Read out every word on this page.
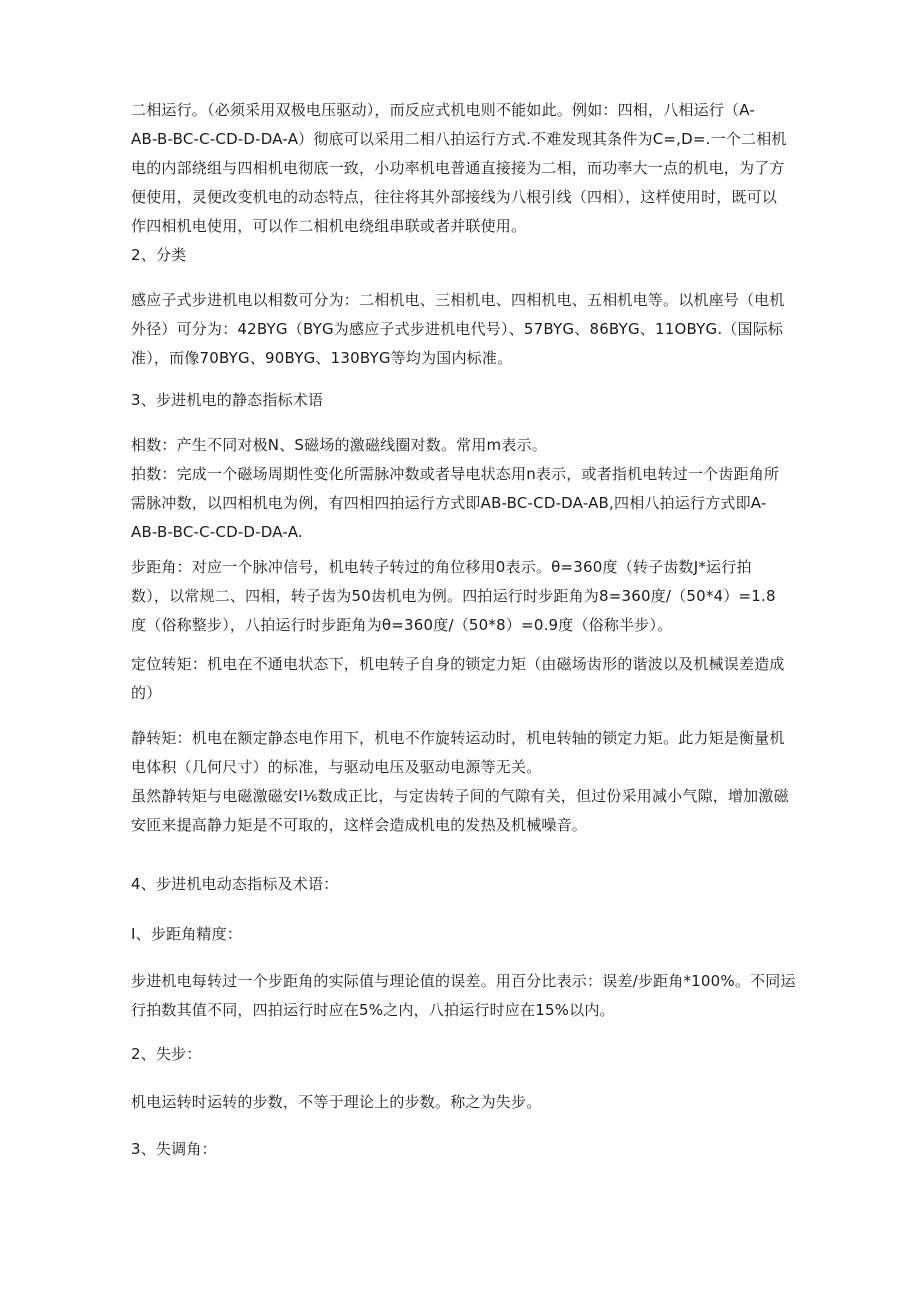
二相运行。（必须采用双极电压驱动），而反应式机电则不能如此。例如：四相，八相运行（A-
AB-B-BC-C-CD-D-DA-A）彻底可以采用二相八拍运行方式.不难发现其条件为C=,D=.一个二相机
电的内部绕组与四相机电彻底一致，小功率机电普通直接接为二相，而功率大一点的机电，为了方
便使用，灵便改变机电的动态特点，往往将其外部接线为八根引线（四相），这样使用时，既可以
作四相机电使用，可以作二相机电绕组串联或者并联使用。

2、分类

感应子式步进机电以相数可分为：二相机电、三相机电、四相机电、五相机电等。以机座号（电机
外径）可分为：42BYG（BYG为感应子式步进机电代号）、57BYG、86BYG、11OBYG.（国际标
准），而像70BYG、90BYG、130BYG等均为国内标准。

3、步进机电的静态指标术语

相数：产生不同对极N、S磁场的激磁线圈对数。常用m表示。
拍数：完成一个磁场周期性变化所需脉冲数或者导电状态用n表示，或者指机电转过一个齿距角所
需脉冲数，以四相机电为例，有四相四拍运行方式即AB-BC-CD-DA-AB,四相八拍运行方式即A-
AB-B-BC-C-CD-D-DA-A.

步距角：对应一个脉冲信号，机电转子转过的角位移用0表示。θ=360度（转子齿数J*运行拍
数），以常规二、四相，转子齿为50齿机电为例。四拍运行时步距角为8=360度/（50*4）=1.8
度（俗称整步），八拍运行时步距角为θ=360度/（50*8）=0.9度（俗称半步）。

定位转矩：机电在不通电状态下，机电转子自身的锁定力矩（由磁场齿形的谐波以及机械误差造成
的）

静转矩：机电在额定静态电作用下，机电不作旋转运动时，机电转轴的锁定力矩。此力矩是衡量机
电体积（几何尺寸）的标准，与驱动电压及驱动电源等无关。
虽然静转矩与电磁激磁安I⅙数成正比，与定齿转子间的气隙有关，但过份采用减小气隙，增加激磁
安匝来提高静力矩是不可取的，这样会造成机电的发热及机械噪音。

4、步进机电动态指标及术语：

I、步距角精度：

步进机电每转过一个步距角的实际值与理论值的误差。用百分比表示：误差/步距角*100%。不同运
行拍数其值不同，四拍运行时应在5%之内，八拍运行时应在15%以内。

2、失步：

机电运转时运转的步数，不等于理论上的步数。称之为失步。

3、失调角：
